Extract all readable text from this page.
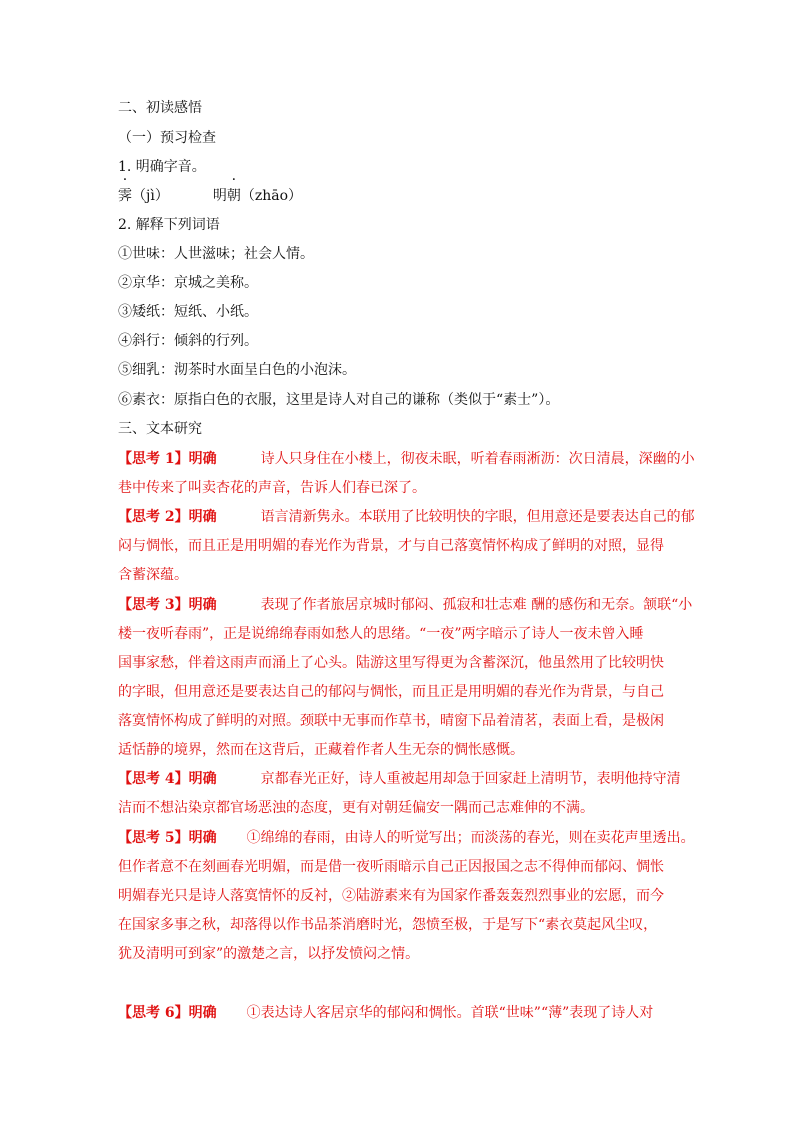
二、初读感悟
（一）预习检查
1. 明确字音。
霁（jì）	明朝（zhāo）
2. 解释下列词语
①世味：人世滋味；社会人情。
②京华：京城之美称。
③矮纸：短纸、小纸。
④斜行：倾斜的行列。
⑤细乳：沏茶时水面呈白色的小泡沫。
⑥素衣：原指白色的衣服，这里是诗人对自己的谦称（类似于“素士”）。
三、文本研究
【思考 1】明确	诗人只身住在小楼上，彻夜未眠，听着春雨淅沥：次日清晨，深幽的小
巷中传来了叫卖杏花的声音，告诉人们春已深了。
【思考 2】明确	语言清新隽永。本联用了比较明快的字眼，但用意还是要表达自己的郁
闷与惆怅，而且正是用明媚的春光作为背景，才与自己落寞情怀构成了鲜明的对照，显得
含蓄深蕴。
【思考 3】明确	表现了作者旅居京城时郁闷、孤寂和壮志难 酬的感伤和无奈。颔联“小
楼一夜听春雨”，正是说绵绵春雨如愁人的思绪。“一夜”两字暗示了诗人一夜未曾入睡
国事家愁，伴着这雨声而涌上了心头。陆游这里写得更为含蓄深沉，他虽然用了比较明快
的字眼，但用意还是要表达自己的郁闷与惆怅，而且正是用明媚的春光作为背景，与自己
落寞情怀构成了鲜明的对照。颈联中无事而作草书，晴窗下品着清茗，表面上看，是极闲
适恬静的境界，然而在这背后，正藏着作者人生无奈的惆怅感慨。
【思考 4】明确	京都春光正好，诗人重被起用却急于回家赶上清明节，表明他持守清
洁而不想沾染京都官场恶浊的态度，更有对朝廷偏安一隅而己志难伸的不满。
【思考 5】明确 ①绵绵的春雨，由诗人的听觉写出；而淡荡的春光，则在卖花声里透出。
但作者意不在刻画春光明媚，而是借一夜听雨暗示自己正因报国之志不得伸而郁闷、惆怅
明媚春光只是诗人落寞情怀的反衬，②陆游素来有为国家作番轰轰烈烈事业的宏愿，而今
在国家多事之秋，却落得以作书品茶消磨时光，怨愤至极，于是写下“素衣莫起风尘叹，
犹及清明可到家”的激楚之言，以抒发愤闷之情。
【思考 6】明确 ①表达诗人客居京华的郁闷和惆怅。首联“世味”“薄”表现了诗人对
